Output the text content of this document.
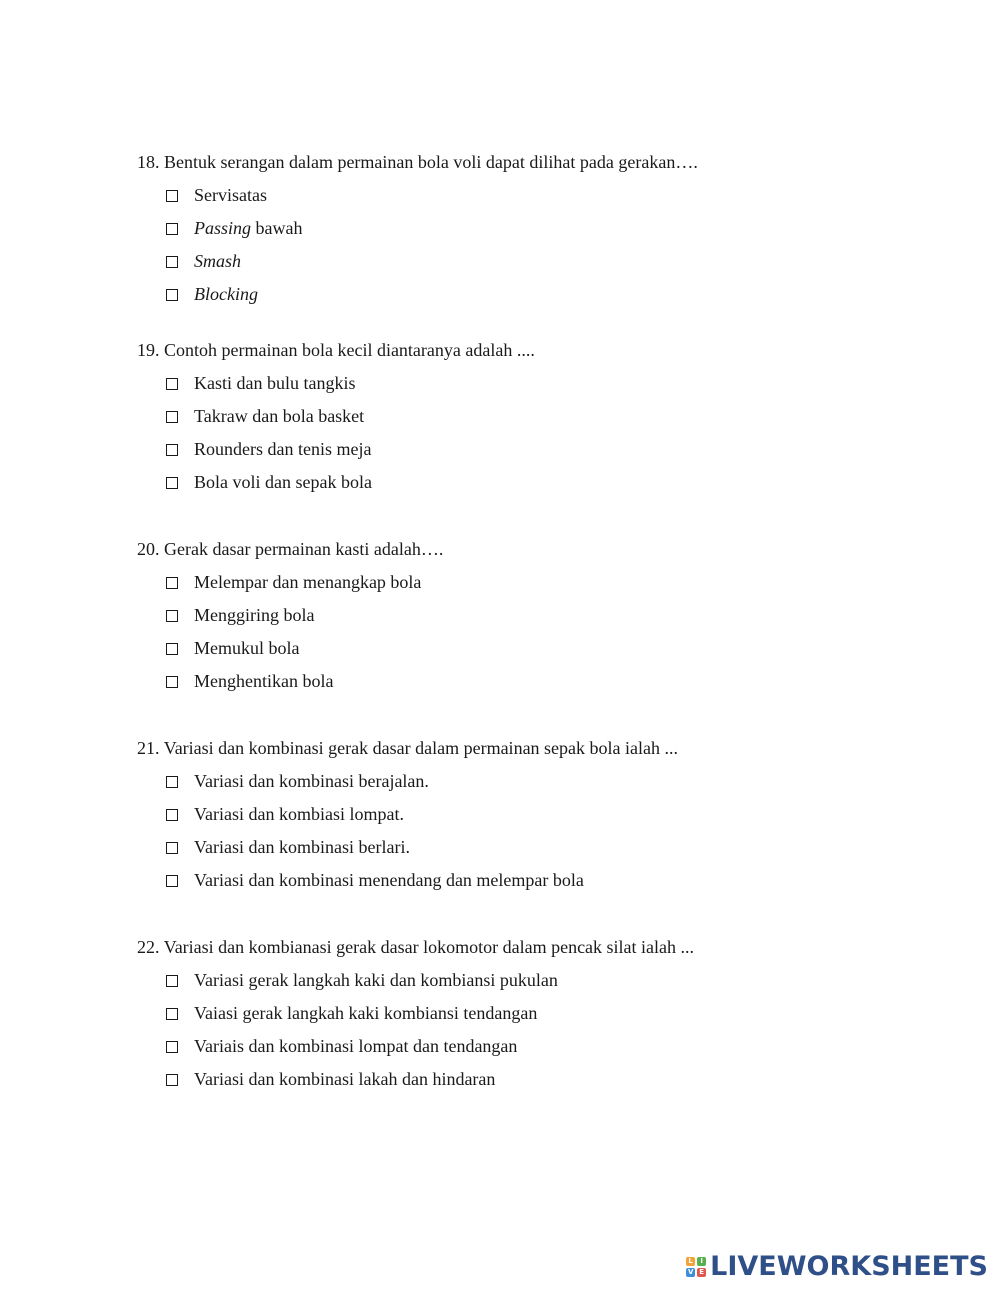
18. Bentuk serangan dalam permainan bola voli dapat dilihat pada gerakan….
Servisatas
Passing bawah
Smash
Blocking
19. Contoh permainan bola kecil diantaranya adalah ....
Kasti dan bulu tangkis
Takraw dan bola basket
Rounders dan tenis meja
Bola voli dan sepak bola
20. Gerak dasar permainan kasti adalah….
Melempar dan menangkap bola
Menggiring bola
Memukul bola
Menghentikan bola
21. Variasi dan kombinasi gerak dasar dalam permainan sepak bola ialah ...
Variasi dan kombinasi berajalan.
Variasi dan kombiasi lompat.
Variasi dan kombinasi berlari.
Variasi dan kombinasi menendang dan melempar bola
22. Variasi dan kombianasi gerak dasar lokomotor dalam pencak silat ialah ...
Variasi gerak langkah kaki dan kombiansi pukulan
Vaiasi gerak langkah kaki kombiansi tendangan
Variais dan kombinasi lompat dan tendangan
Variasi dan kombinasi lakah dan hindaran
L	I
V E LIVEWORKSHEETS
